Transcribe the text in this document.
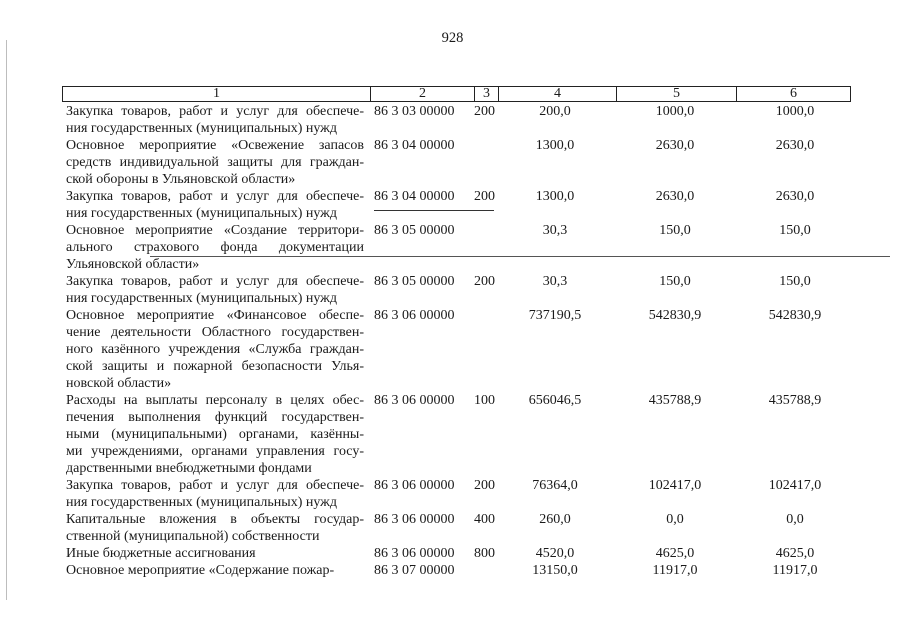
928
1	2	3	4	5	6
Закупка товаров, работ и услуг для обеспече-
ния государственных (муниципальных) нужд
86 3 03 00000 200	200,0	1000,0	1000,0
Основное мероприятие «Освежение запасов
средств индивидуальной защиты для граждан-
ской обороны в Ульяновской области»
86 3 04 00000	1300,0	2630,0	2630,0
Закупка товаров, работ и услуг для обеспече-
ния государственных (муниципальных) нужд
86 3 04 00000 200	1300,0	2630,0	2630,0
Основное мероприятие «Создание территори-
ального страхового фонда документации
Ульяновской области»
86 3 05 00000	30,3	150,0	150,0
Закупка товаров, работ и услуг для обеспече-
ния государственных (муниципальных) нужд
86 3 05 00000 200	30,3	150,0	150,0
Основное мероприятие «Финансовое обеспе-
чение деятельности Областного государствен-
ного казённого учреждения «Служба граждан-
ской защиты и пожарной безопасности Улья-
новской области»
86 3 06 00000	737190,5	542830,9	542830,9
Расходы на выплаты персоналу в целях обес-
печения выполнения функций государствен-
ными (муниципальными) органами, казённы-
ми учреждениями, органами управления госу-
дарственными внебюджетными фондами
86 3 06 00000 100	656046,5	435788,9	435788,9
Закупка товаров, работ и услуг для обеспече-
ния государственных (муниципальных) нужд
86 3 06 00000 200	76364,0	102417,0	102417,0
Капитальные вложения в объекты государ-
ственной (муниципальной) собственности
86 3 06 00000 400	260,0	0,0	0,0
Иные бюджетные ассигнования	86 3 06 00000 800	4520,0	4625,0	4625,0
Основное мероприятие «Содержание пожар-	86 3 07 00000	13150,0	11917,0	11917,0
